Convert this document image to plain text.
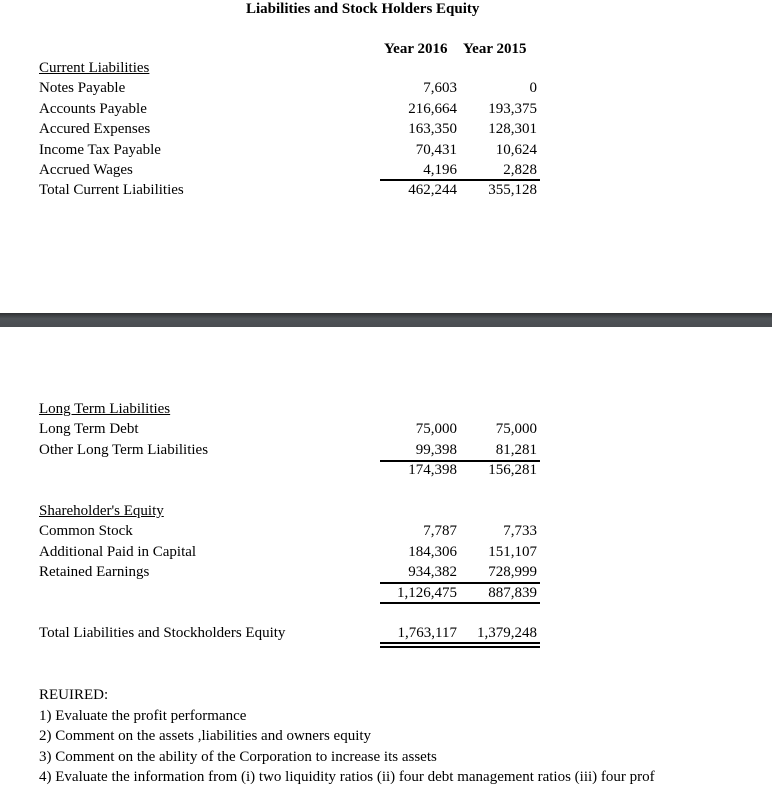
Liabilities and Stock Holders Equity
Year 2016 Year 2015
Current Liabilities
Notes Payable	7,603	0
Accounts Payable	216,664	193,375
Accured Expenses	163,350	128,301
Income Tax Payable	70,431	10,624
Accrued Wages	4,196	2,828
Total Current Liabilities	462,244	355,128
Long Term Liabilities
Long Term Debt	75,000	75,000
Other Long Term Liabilities	99,398	81,281
174,398	156,281
Shareholder's Equity
Common Stock	7,787	7,733
Additional Paid in Capital	184,306	151,107
Retained Earnings	934,382	728,999
1,126,475	887,839
Total Liabilities and Stockholders Equity	1,763,117	1,379,248
REUIRED:
1) Evaluate the profit performance
2) Comment on the assets ,liabilities and owners equity
3) Comment on the ability of the Corporation to increase its assets
4) Evaluate the information from (i) two liquidity ratios (ii) four debt management ratios (iii) four prof
